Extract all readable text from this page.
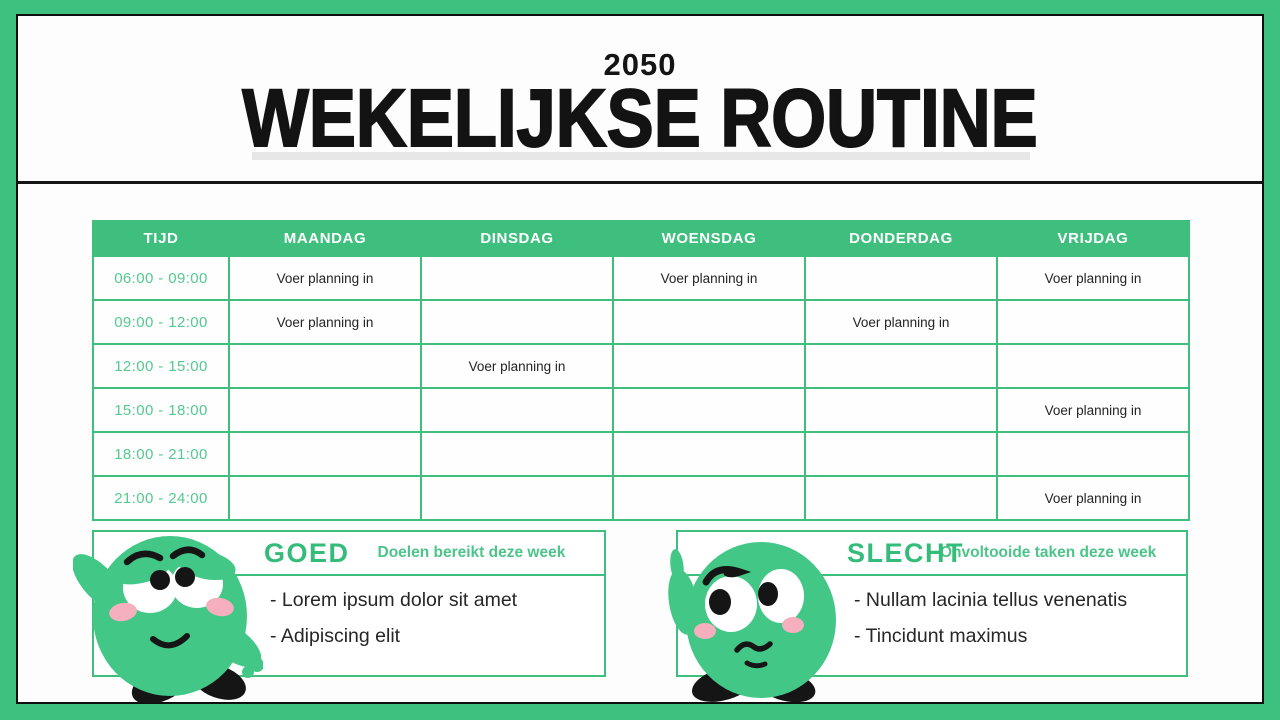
2050
WEKELIJKSE ROUTINE
TIJD	MAANDAG	DINSDAG	WOENSDAG	DONDERDAG	VRIJDAG
06:00 - 09:00	Voer planning in		Voer planning in		Voer planning in
09:00 - 12:00	Voer planning in			Voer planning in	
12:00 - 15:00		Voer planning in			
15:00 - 18:00					Voer planning in
18:00 - 21:00					
21:00 - 24:00					Voer planning in
GOED Doelen bereikt deze week
- Lorem ipsum dolor sit amet
- Adipiscing elit
SLECHT
Onvoltooide taken deze week
- Nullam lacinia tellus venenatis
- Tincidunt maximus
